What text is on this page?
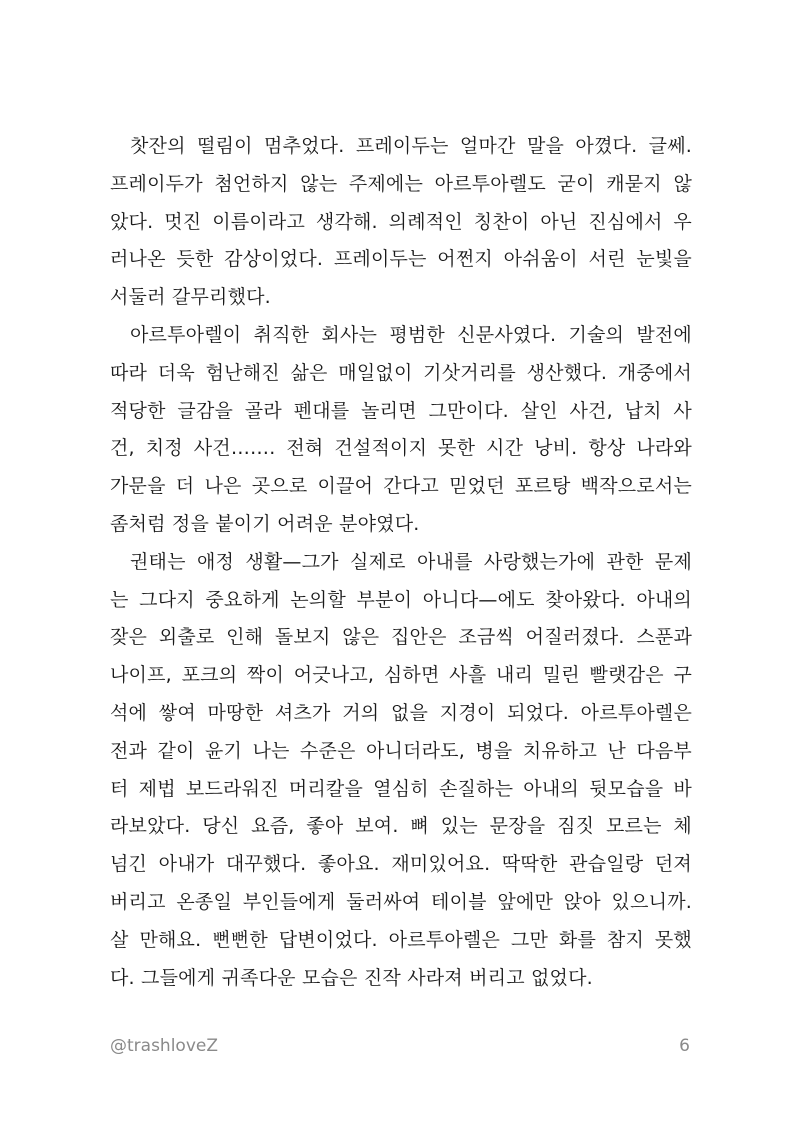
찻잔의 떨림이 멈추었다. 프레이두는 얼마간 말을 아꼈다. 글쎄.
프레이두가 첨언하지 않는 주제에는 아르투아렐도 굳이 캐묻지 않
았다. 멋진 이름이라고 생각해. 의례적인 칭찬이 아닌 진심에서 우
러나온 듯한 감상이었다. 프레이두는 어쩐지 아쉬움이 서린 눈빛을
서둘러 갈무리했다.
아르투아렐이 취직한 회사는 평범한 신문사였다. 기술의 발전에
따라 더욱 험난해진 삶은 매일없이 기삿거리를 생산했다. 개중에서
적당한 글감을 골라 펜대를 놀리면 그만이다. 살인 사건, 납치 사
건, 치정 사건……. 전혀 건설적이지 못한 시간 낭비. 항상 나라와
가문을 더 나은 곳으로 이끌어 간다고 믿었던 포르탕 백작으로서는
좀처럼 정을 붙이기 어려운 분야였다.
권태는 애정 생활—그가 실제로 아내를 사랑했는가에 관한 문제
는 그다지 중요하게 논의할 부분이 아니다—에도 찾아왔다. 아내의
잦은 외출로 인해 돌보지 않은 집안은 조금씩 어질러졌다. 스푼과
나이프, 포크의 짝이 어긋나고, 심하면 사흘 내리 밀린 빨랫감은 구
석에 쌓여 마땅한 셔츠가 거의 없을 지경이 되었다. 아르투아렐은
전과 같이 윤기 나는 수준은 아니더라도, 병을 치유하고 난 다음부
터 제법 보드라워진 머리칼을 열심히 손질하는 아내의 뒷모습을 바
라보았다. 당신 요즘, 좋아 보여. 뼈 있는 문장을 짐짓 모르는 체
넘긴 아내가 대꾸했다. 좋아요. 재미있어요. 딱딱한 관습일랑 던져
버리고 온종일 부인들에게 둘러싸여 테이블 앞에만 앉아 있으니까.
살 만해요. 뻔뻔한 답변이었다. 아르투아렐은 그만 화를 참지 못했
다. 그들에게 귀족다운 모습은 진작 사라져 버리고 없었다.
@trashloveZ	6
